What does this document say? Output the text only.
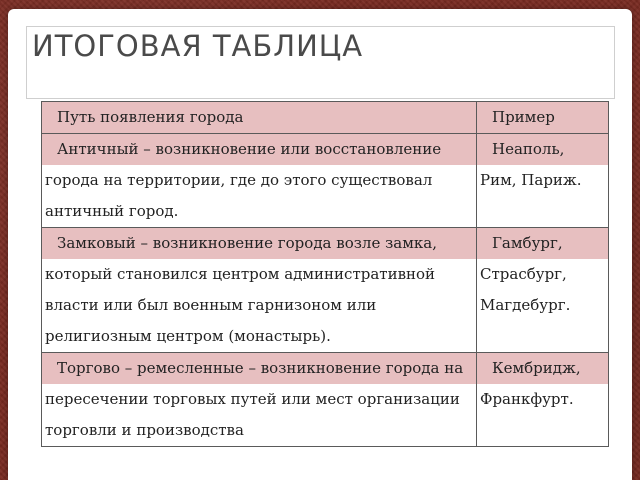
ИТОГОВАЯ ТАБЛИЦА
Путь появления города	Пример
Античный – возникновение или восстановление города на территории, где до этого существовал античный город.	Неаполь, Рим, Париж.
Замковый – возникновение города возле замка, который становился центром административной власти или был военным гарнизоном или религиозным центром (монастырь).	Гамбург, Страсбург, Магдебург.
Торгово – ремесленные – возникновение города на пересечении торговых путей или мест организации торговли и производства	Кембридж, Франкфурт.
